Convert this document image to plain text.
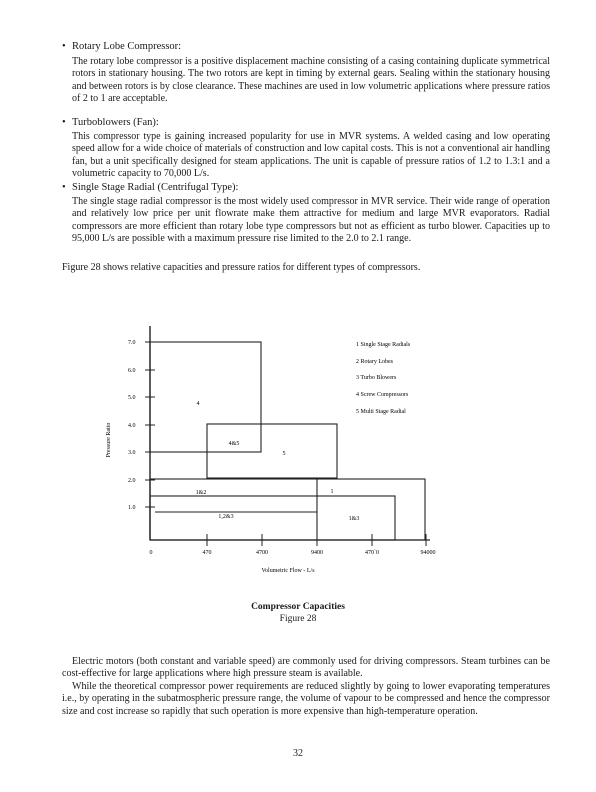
• Rotary Lobe Compressor:
The rotary lobe compressor is a positive displacement machine consisting of a casing containing duplicate symmetrical rotors in stationary housing. The two rotors are kept in timing by external gears. Sealing within the stationary housing and between rotors is by close clearance. These machines are used in low volumetric applications where pressure ratios of 2 to 1 are acceptable.
• Turboblowers (Fan):
This compressor type is gaining increased popularity for use in MVR systems. A welded casing and low operating speed allow for a wide choice of materials of construction and low capital costs. This is not a conventional air handling fan, but a unit specifically designed for steam applications. The unit is capable of pressure ratios of 1.2 to 1.3:1 and a volumetric capacity to 70,000 L/s.
• Single Stage Radial (Centrifugal Type):
The single stage radial compressor is the most widely used compressor in MVR service. Their wide range of operation and relatively low price per unit flowrate make them attractive for medium and large MVR evaporators. Radial compressors are more efficient than rotary lobe type compressors but not as efficient as turbo blower. Capacities up to 95,000 L/s are possible with a maximum pressure rise limited to the 2.0 to 2.1 range.
Figure 28 shows relative capacities and pressure ratios for different types of compressors.
7.0
6.0
5.0
4.0
3.0
2.0
1.0
Pressure Ratio
0	470	4700	9400	470`0	94000
Volumetric Flow - L/s
4
4&5
5
1&2	1
1,2&3	1&3
1 Single Stage Radials
2 Rotary Lobes
3 Turbo Blowers
4 Screw Compressors
5 Multi Stage Radial
Compressor Capacities
Figure 28
Electric motors (both constant and variable speed) are commonly used for driving compressors. Steam turbines can be cost-effective for large applications where high pressure steam is available.
While the theoretical compressor power requirements are reduced slightly by going to lower evaporating temperatures i.e., by operating in the subatmospheric pressure range, the volume of vapour to be compressed and hence the compressor size and cost increase so rapidly that such operation is more expensive than high-temperature operation.
32
